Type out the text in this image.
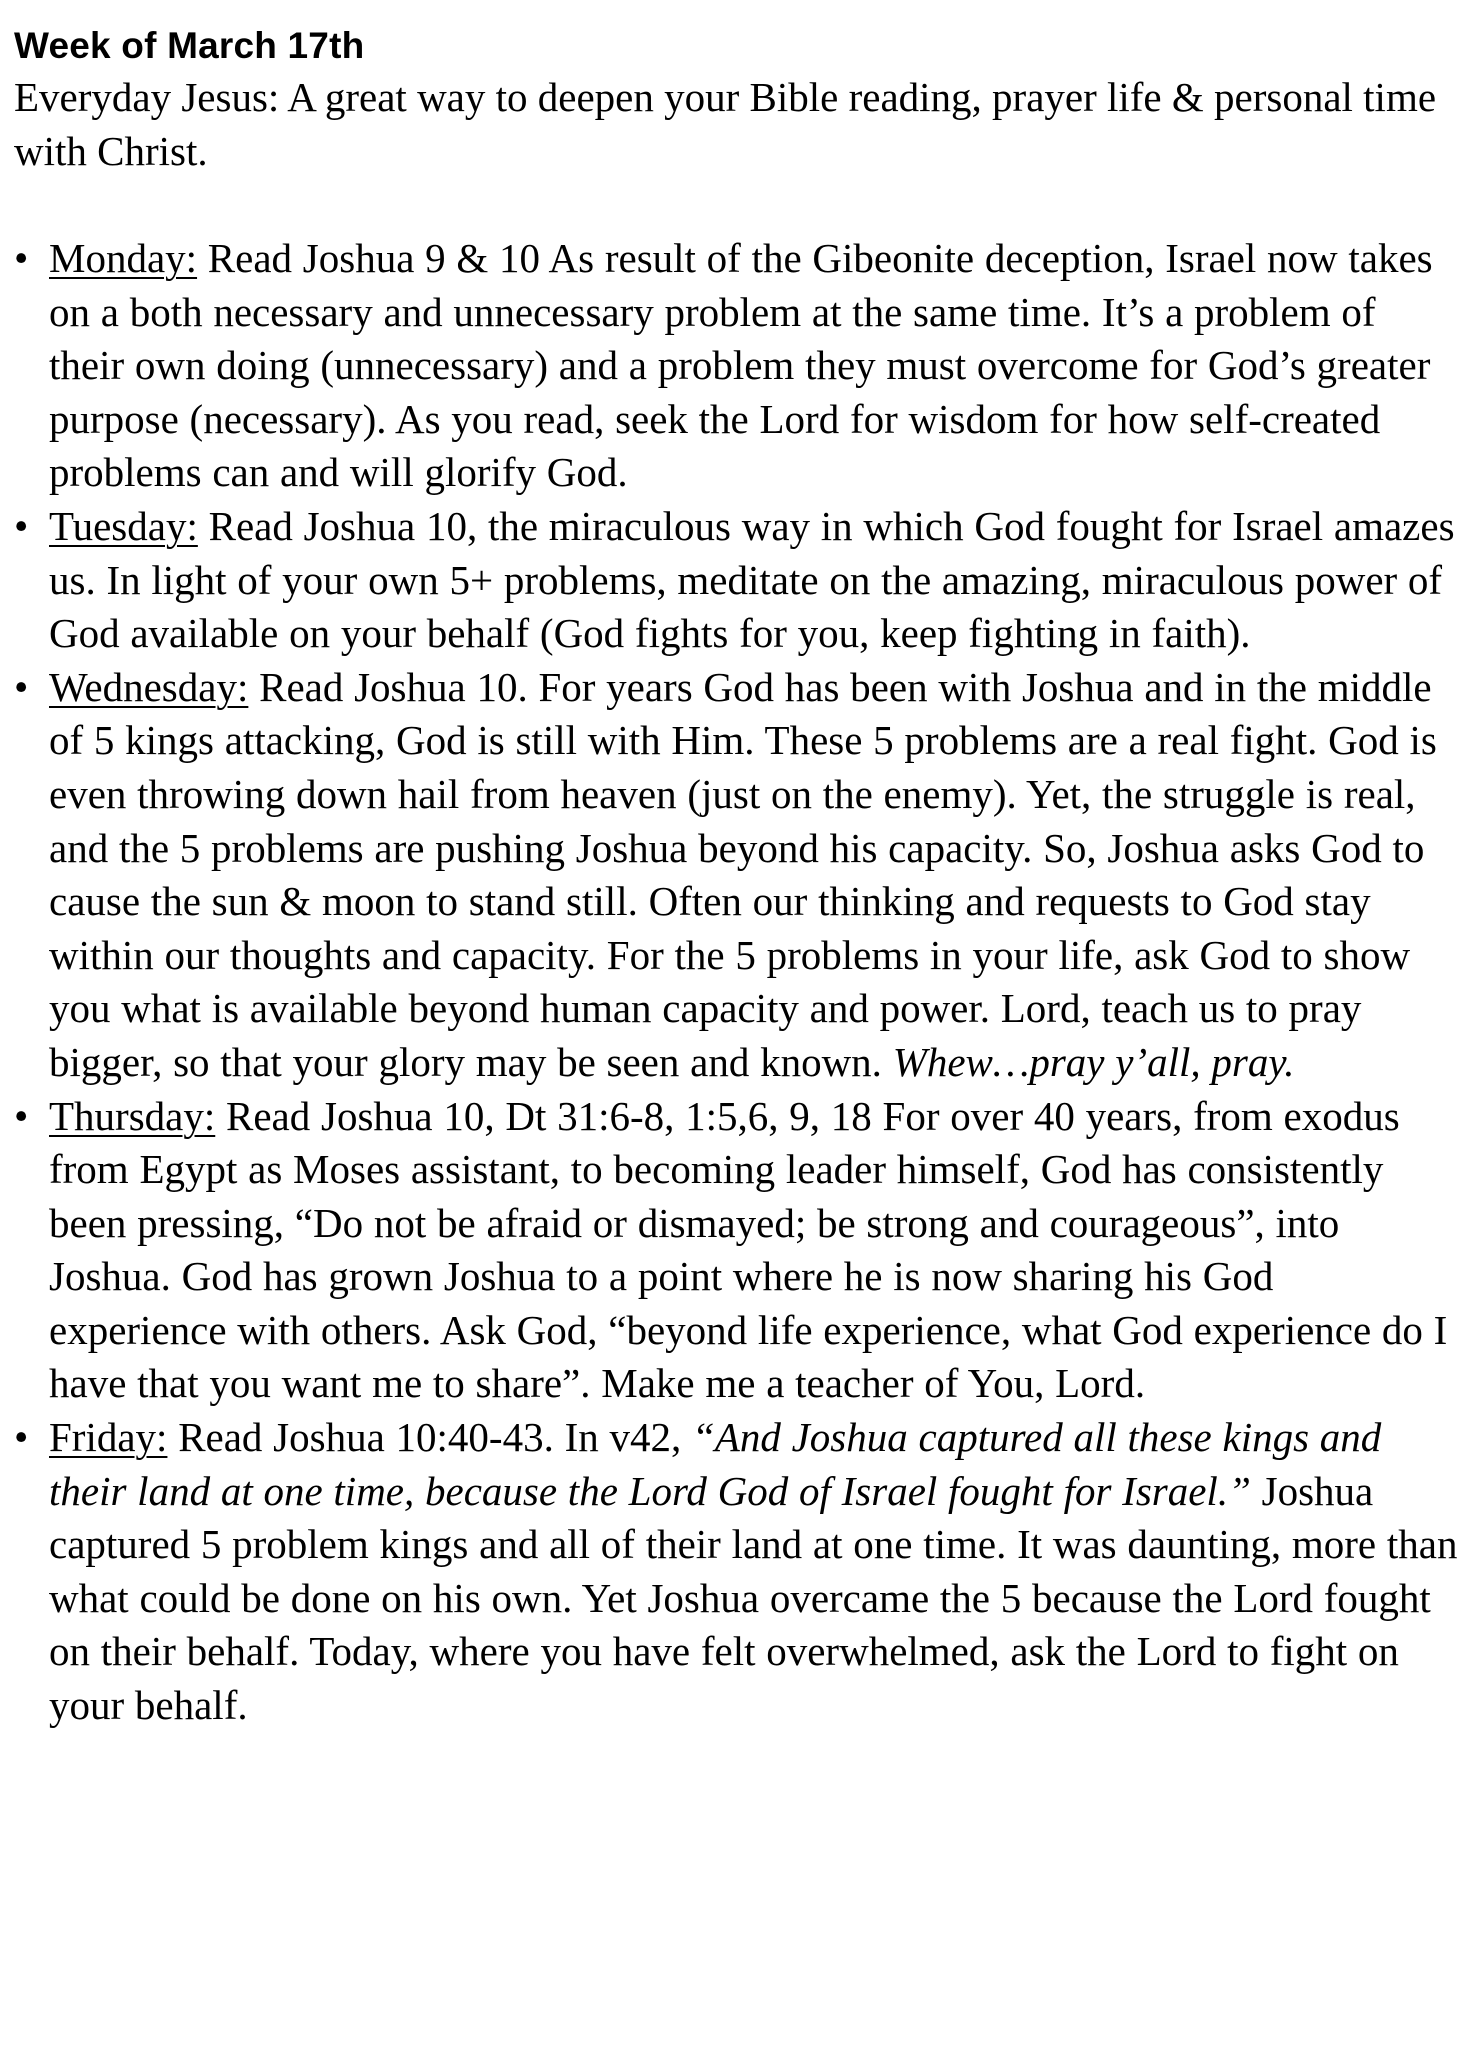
Week of March 17th

Everyday Jesus: A great way to deepen your Bible reading, prayer life & personal time with Christ.

• Monday: Read Joshua 9 & 10 As result of the Gibeonite deception, Israel now takes on a both necessary and unnecessary problem at the same time. It’s a problem of their own doing (unnecessary) and a problem they must overcome for God’s greater purpose (necessary). As you read, seek the Lord for wisdom for how self-created problems can and will glorify God.
• Tuesday: Read Joshua 10, the miraculous way in which God fought for Israel amazes us. In light of your own 5+ problems, meditate on the amazing, miraculous power of God available on your behalf (God fights for you, keep fighting in faith).
• Wednesday: Read Joshua 10. For years God has been with Joshua and in the middle of 5 kings attacking, God is still with Him. These 5 problems are a real fight. God is even throwing down hail from heaven (just on the enemy). Yet, the struggle is real, and the 5 problems are pushing Joshua beyond his capacity. So, Joshua asks God to cause the sun & moon to stand still. Often our thinking and requests to God stay within our thoughts and capacity. For the 5 problems in your life, ask God to show you what is available beyond human capacity and power. Lord, teach us to pray bigger, so that your glory may be seen and known. Whew…pray y’all, pray.
• Thursday: Read Joshua 10, Dt 31:6-8, 1:5,6, 9, 18 For over 40 years, from exodus from Egypt as Moses assistant, to becoming leader himself, God has consistently been pressing, “Do not be afraid or dismayed; be strong and courageous”, into Joshua. God has grown Joshua to a point where he is now sharing his God experience with others. Ask God, “beyond life experience, what God experience do I have that you want me to share”. Make me a teacher of You, Lord.
• Friday: Read Joshua 10:40-43. In v42, “And Joshua captured all these kings and their land at one time, because the Lord God of Israel fought for Israel.” Joshua captured 5 problem kings and all of their land at one time. It was daunting, more than what could be done on his own. Yet Joshua overcame the 5 because the Lord fought on their behalf. Today, where you have felt overwhelmed, ask the Lord to fight on your behalf.
